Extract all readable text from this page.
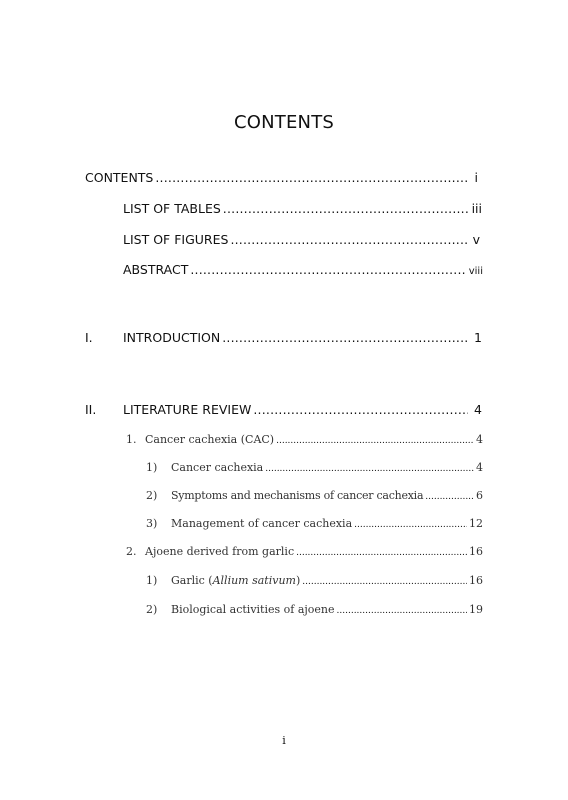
CONTENTS
CONTENTS .....	i
LIST OF TABLES .....	iii
LIST OF FIGURES .....	v
ABSTRACT .....	viii
I.	INTRODUCTION .....	1
II.	LITERATURE REVIEW .....	4
1. Cancer cachexia (CAC) .....	4
1)	Cancer cachexia .....	4
2)	Symptoms and mechanisms of cancer cachexia .....	6
3)	Management of cancer cachexia .....	12
2. Ajoene derived from garlic .....	16
1)	Garlic (Allium sativum) .....	16
2)	Biological activities of ajoene .....	19
i
